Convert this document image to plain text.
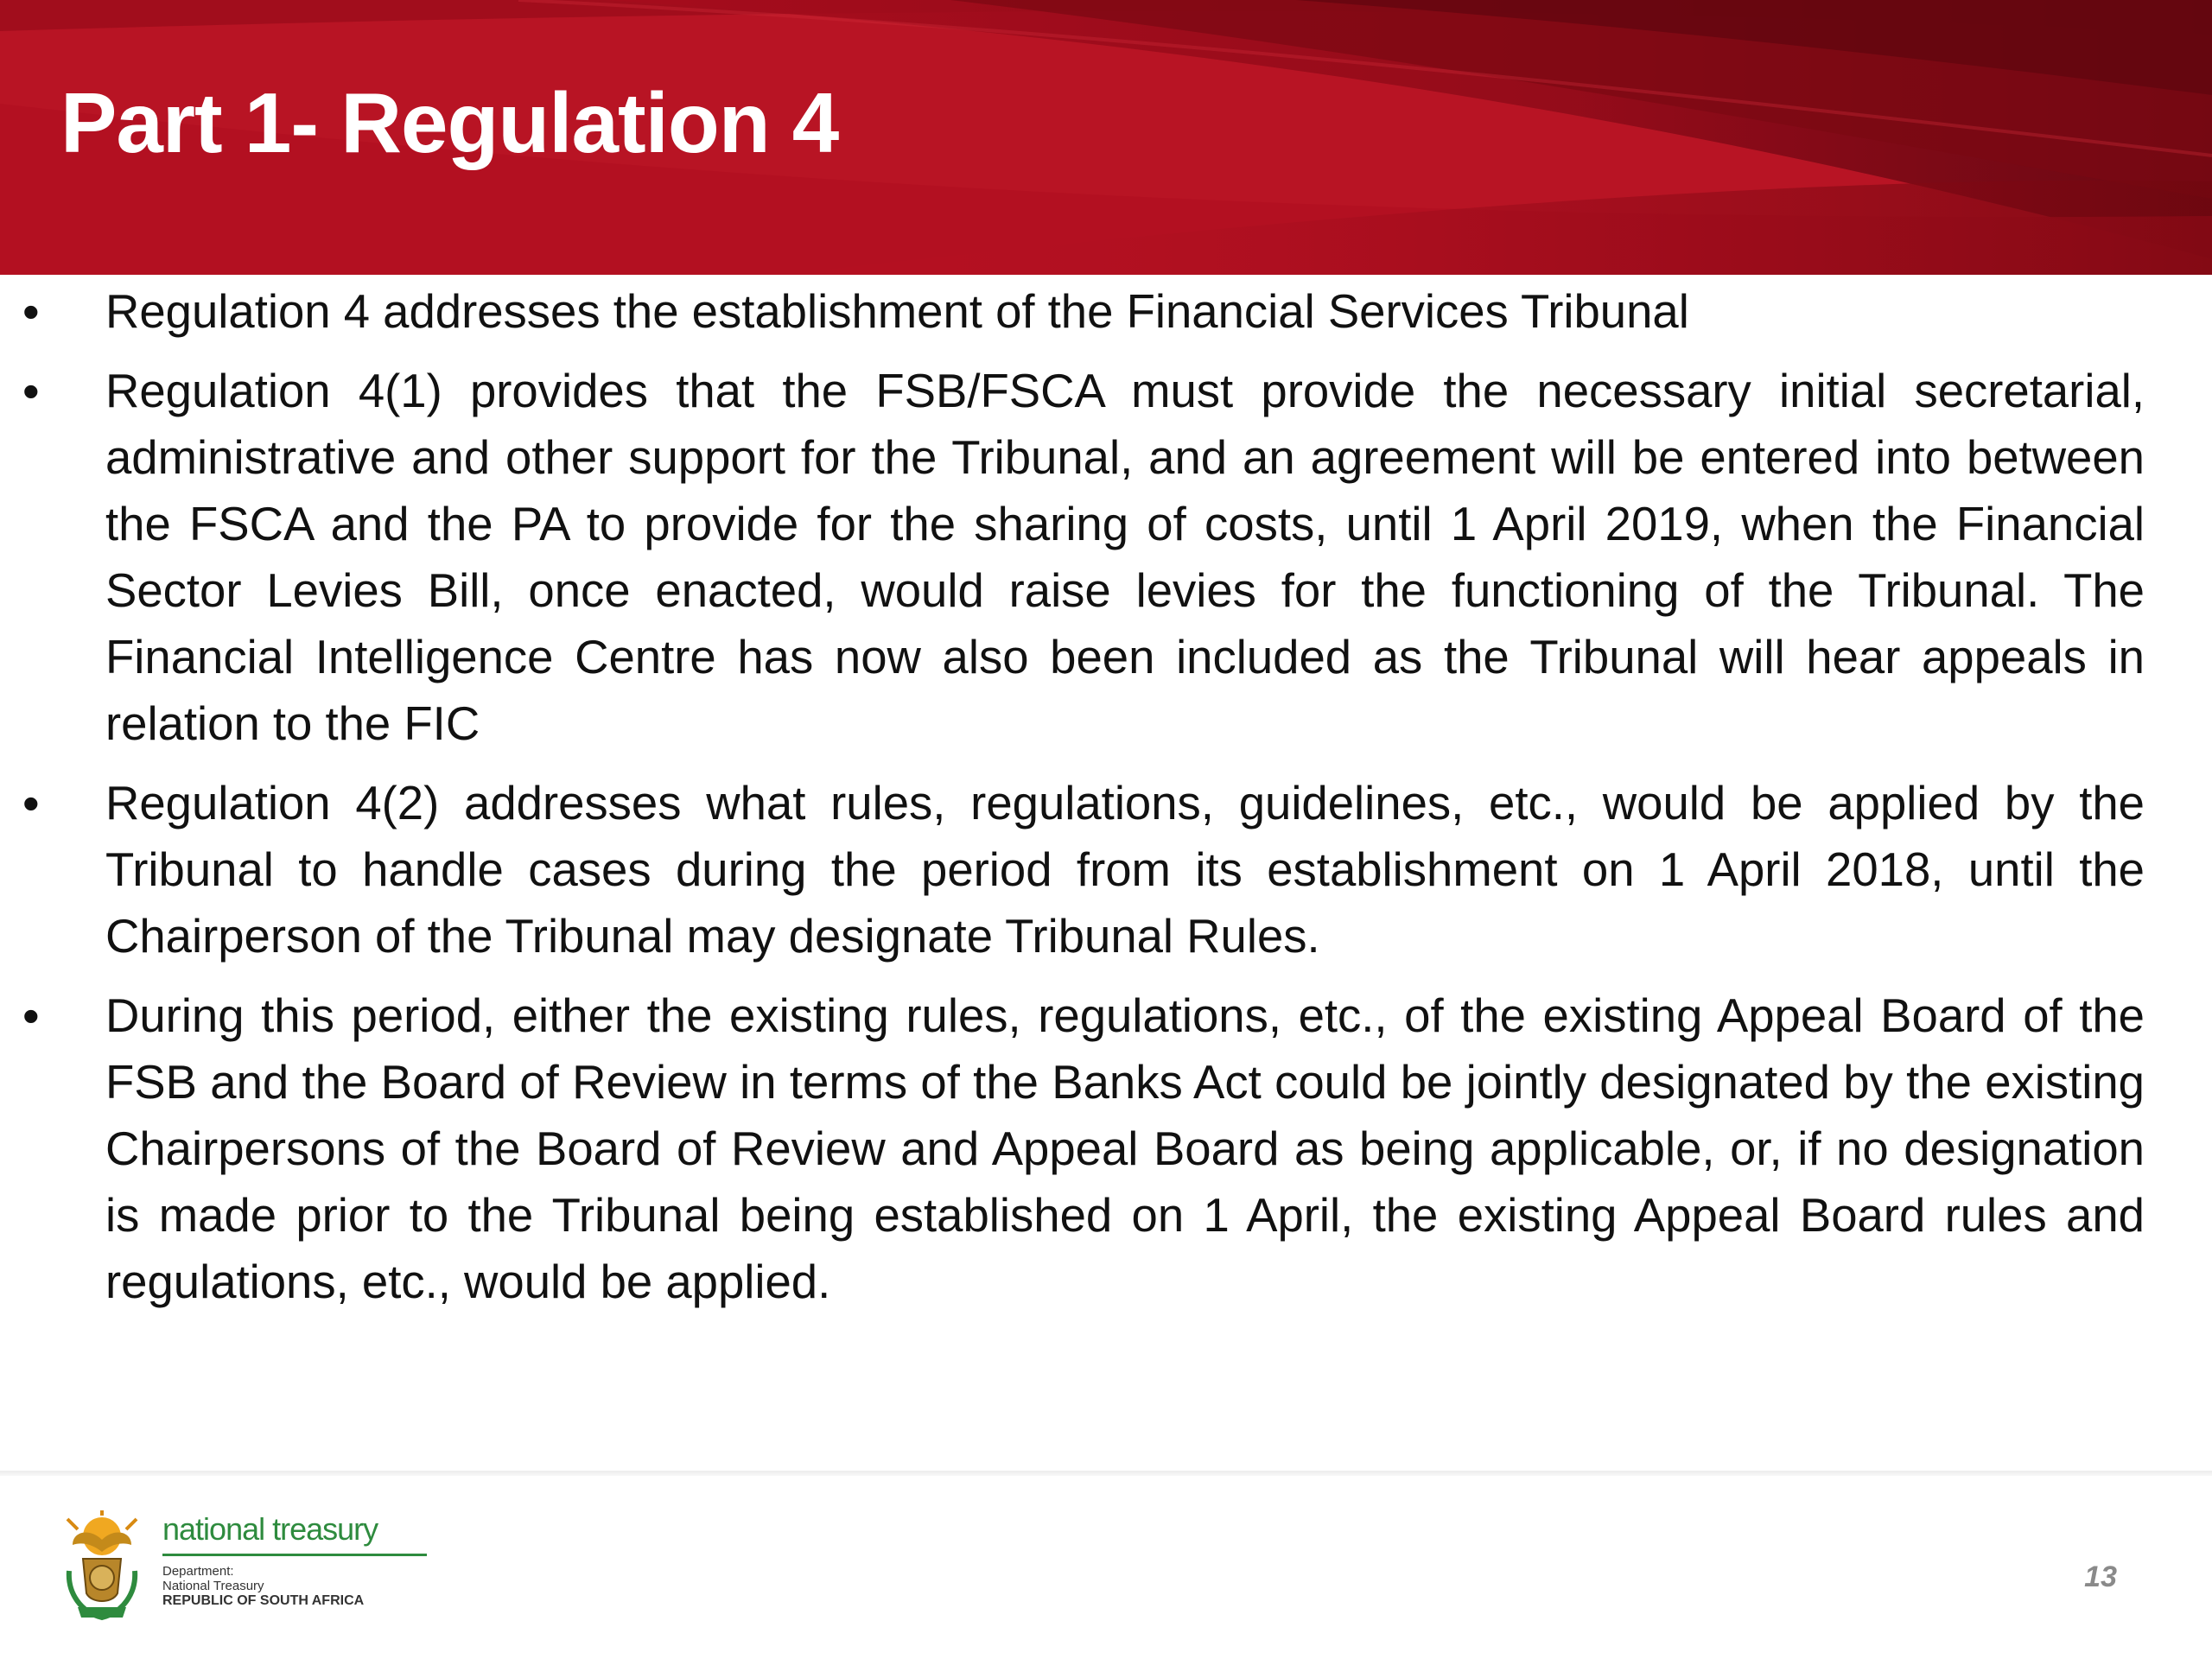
Part 1- Regulation 4
• Regulation 4 addresses the establishment of the Financial Services Tribunal
• Regulation 4(1) provides that the FSB/FSCA must provide the necessary initial secretarial, administrative and other support for the Tribunal, and an agreement will be entered into between the FSCA and the PA to provide for the sharing of costs, until 1 April 2019, when the Financial Sector Levies Bill, once enacted, would raise levies for the functioning of the Tribunal. The Financial Intelligence Centre has now also been included as the Tribunal will hear appeals in relation to the FIC
• Regulation 4(2) addresses what rules, regulations, guidelines, etc., would be applied by the Tribunal to handle cases during the period from its establishment on 1 April 2018, until the Chairperson of the Tribunal may designate Tribunal Rules.
• During this period, either the existing rules, regulations, etc., of the existing Appeal Board of the FSB and the Board of Review in terms of the Banks Act could be jointly designated by the existing Chairpersons of the Board of Review and Appeal Board as being applicable, or, if no designation is made prior to the Tribunal being established on 1 April, the existing Appeal Board rules and regulations, etc., would be applied.
national treasury
Department:
National Treasury
REPUBLIC OF SOUTH AFRICA
13
